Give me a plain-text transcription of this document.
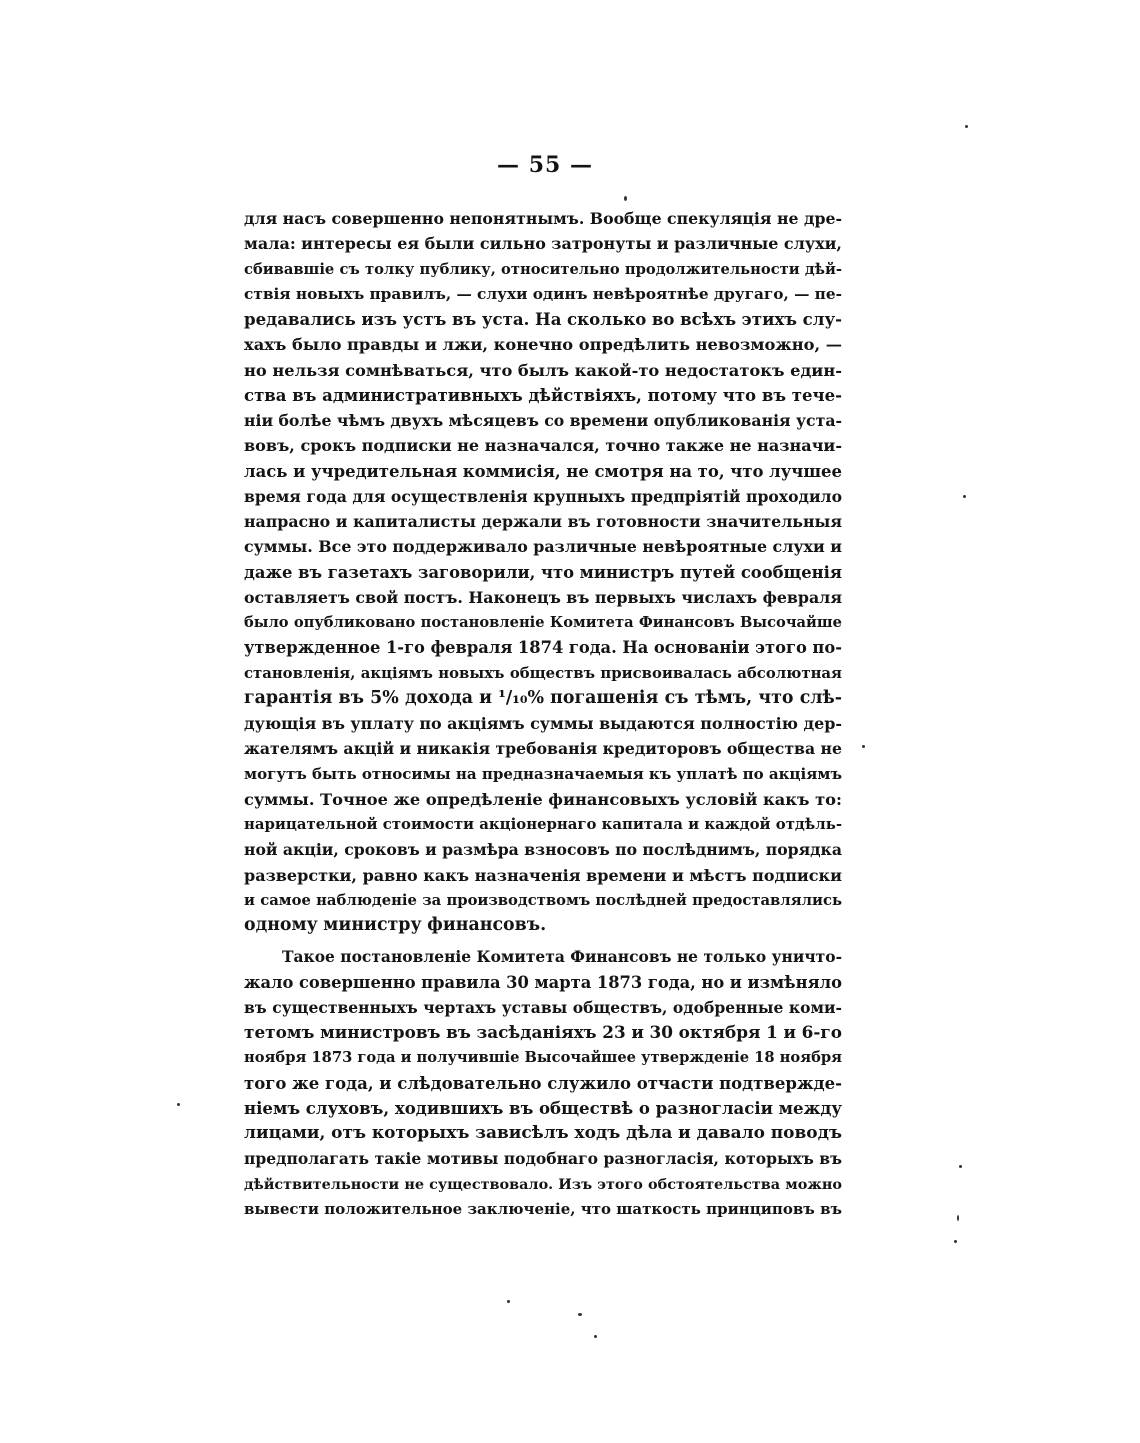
— 55 —

для насъ совершенно непонятнымъ. Вообще спекуляція не дре-
мала: интересы ея были сильно затронуты и различные слухи,
сбивавшіе съ толку публику, относительно продолжительности дѣй-
ствія новыхъ правилъ, — слухи одинъ невѣроятнѣе другаго, — пе-
редавались изъ устъ въ уста. На сколько во всѣхъ этихъ слу-
хахъ было правды и лжи, конечно опредѣлить невозможно, —
но нельзя сомнѣваться, что былъ какой-то недостатокъ един-
ства въ административныхъ дѣйствіяхъ, потому что въ тече-
ніи болѣе чѣмъ двухъ мѣсяцевъ со времени опубликованія уста-
вовъ, срокъ подписки не назначался, точно также не назначи-
лась и учредительная коммисія, не смотря на то, что лучшее
время года для осуществленія крупныхъ предпріятій проходило
напрасно и капиталисты держали въ готовности значительныя
суммы. Все это поддерживало различные невѣроятные слухи и
даже въ газетахъ заговорили, что министръ путей сообщенія
оставляетъ свой постъ. Наконецъ въ первыхъ числахъ февраля
было опубликовано постановленіе Комитета Финансовъ Высочайше
утвержденное 1-го февраля 1874 года. На основаніи этого по-
становленія, акціямъ новыхъ обществъ присвоивалась абсолютная
гарантія въ 5% дохода и ¹/₁₀% погашенія съ тѣмъ, что слѣ-
дующія въ уплату по акціямъ суммы выдаются полностію дер-
жателямъ акцій и никакія требованія кредиторовъ общества не
могутъ быть относимы на предназначаемыя къ уплатѣ по акціямъ
суммы. Точное же опредѣленіе финансовыхъ условій какъ то:
нарицательной стоимости акціонернаго капитала и каждой отдѣль-
ной акціи, сроковъ и размѣра взносовъ по послѣднимъ, порядка
разверстки, равно какъ назначенія времени и мѣстъ подписки
и самое наблюденіе за производствомъ послѣдней предоставлялись
одному министру финансовъ.

Такое постановленіе Комитета Финансовъ не только уничто-
жало совершенно правила 30 марта 1873 года, но и измѣняло
въ существенныхъ чертахъ уставы обществъ, одобренные коми-
тетомъ министровъ въ засѣданіяхъ 23 и 30 октября 1 и 6-го
ноября 1873 года и получившіе Высочайшее утвержденіе 18 ноября
того же года, и слѣдовательно служило отчасти подтвержде-
ніемъ слуховъ, ходившихъ въ обществѣ о разногласіи между
лицами, отъ которыхъ зависѣлъ ходъ дѣла и давало поводъ
предполагать такіе мотивы подобнаго разногласія, которыхъ въ
дѣйствительности не существовало. Изъ этого обстоятельства можно
вывести положительное заключеніе, что шаткость принциповъ въ
